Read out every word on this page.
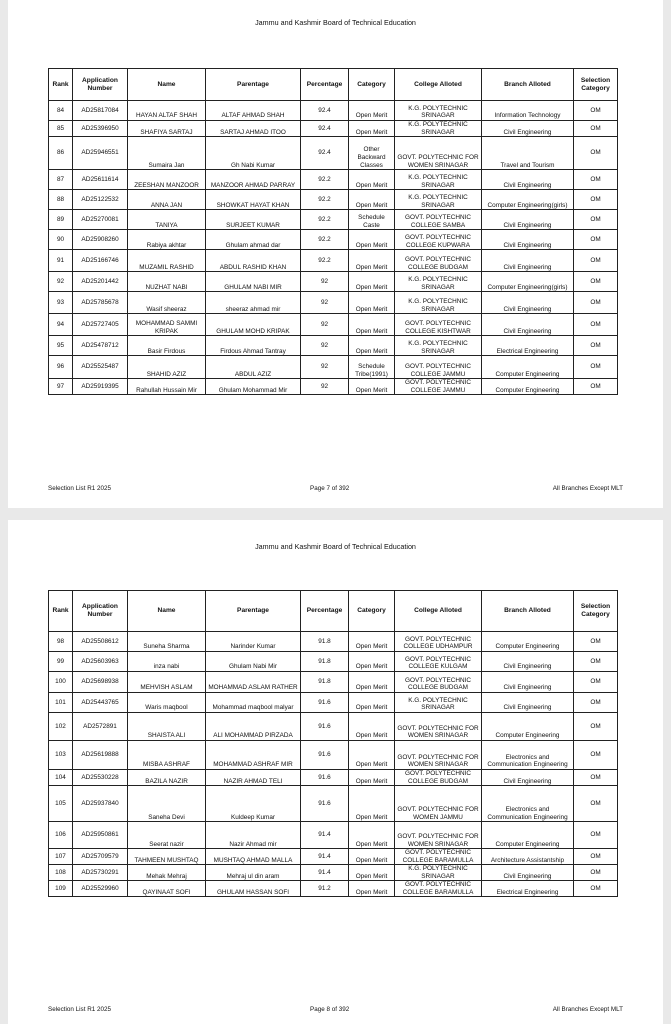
Jammu and Kashmir Board of Technical Education
Rank	Application Number	Name	Parentage	Percentage	Category	College Alloted	Branch Alloted	Selection Category
84	AD25817084	HAYAN ALTAF SHAH	ALTAF AHMAD SHAH	92.4	Open Merit	K.G. POLYTECHNIC SRINAGAR	Information Technology	OM
85	AD25396950	SHAFIYA SARTAJ	SARTAJ AHMAD ITOO	92.4	Open Merit	K.G. POLYTECHNIC SRINAGAR	Civil Engineering	OM
86	AD25946551	Sumaira Jan	Gh Nabi Kumar	92.4	Other Backward Classes	GOVT. POLYTECHNIC FOR WOMEN SRINAGAR	Travel and Tourism	OM
87	AD25611614	ZEESHAN MANZOOR	MANZOOR AHMAD PARRAY	92.2	Open Merit	K.G. POLYTECHNIC SRINAGAR	Civil Engineering	OM
88	AD25122532	ANNA JAN	SHOWKAT HAYAT KHAN	92.2	Open Merit	K.G. POLYTECHNIC SRINAGAR	Computer Engineering(girls)	OM
89	AD25270081	TANIYA	SURJEET KUMAR	92.2	Schedule Caste	GOVT. POLYTECHNIC COLLEGE SAMBA	Civil Engineering	OM
90	AD25908260	Rabiya akhtar	Ghulam ahmad dar	92.2	Open Merit	GOVT. POLYTECHNIC COLLEGE KUPWARA	Civil Engineering	OM
91	AD25166746	MUZAMIL RASHID	ABDUL RASHID KHAN	92.2	Open Merit	GOVT. POLYTECHNIC COLLEGE BUDGAM	Civil Engineering	OM
92	AD25201442	NUZHAT NABI	GHULAM NABI MIR	92	Open Merit	K.G. POLYTECHNIC SRINAGAR	Computer Engineering(girls)	OM
93	AD25785678	Wasif sheeraz	sheeraz ahmad mir	92	Open Merit	K.G. POLYTECHNIC SRINAGAR	Civil Engineering	OM
94	AD25727405	MOHAMMAD SAMMI KRIPAK	GHULAM MOHD KRIPAK	92	Open Merit	GOVT. POLYTECHNIC COLLEGE KISHTWAR	Civil Engineering	OM
95	AD25478712	Basir Firdous	Firdous Ahmad Tantray	92	Open Merit	K.G. POLYTECHNIC SRINAGAR	Electrical Engineering	OM
96	AD25525487	SHAHID AZIZ	ABDUL AZIZ	92	Schedule Tribe(1991)	GOVT. POLYTECHNIC COLLEGE JAMMU	Computer Engineering	OM
97	AD25919395	Rahullah Hussain Mir	Ghulam Mohammad Mir	92	Open Merit	GOVT. POLYTECHNIC COLLEGE JAMMU	Computer Engineering	OM
Selection List R1 2025	Page 7 of 392	All Branches Except MLT
Jammu and Kashmir Board of Technical Education
Rank	Application Number	Name	Parentage	Percentage	Category	College Alloted	Branch Alloted	Selection Category
98	AD25508612	Suneha Sharma	Narinder Kumar	91.8	Open Merit	GOVT. POLYTECHNIC COLLEGE UDHAMPUR	Computer Engineering	OM
99	AD25603963	inza nabi	Ghulam Nabi Mir	91.8	Open Merit	GOVT. POLYTECHNIC COLLEGE KULGAM	Civil Engineering	OM
100	AD25698938	MEHVISH ASLAM	MOHAMMAD ASLAM RATHER	91.8	Open Merit	GOVT. POLYTECHNIC COLLEGE BUDGAM	Civil Engineering	OM
101	AD25443765	Waris maqbool	Mohammad maqbool malyar	91.6	Open Merit	K.G. POLYTECHNIC SRINAGAR	Civil Engineering	OM
102	AD2572891	SHAISTA ALI	ALI MOHAMMAD PIRZADA	91.6	Open Merit	GOVT. POLYTECHNIC FOR WOMEN SRINAGAR	Computer Engineering	OM
103	AD25619888	MISBA ASHRAF	MOHAMMAD ASHRAF MIR	91.6	Open Merit	GOVT. POLYTECHNIC FOR WOMEN SRINAGAR	Electronics and Communication Engineering	OM
104	AD25530228	BAZILA NAZIR	NAZIR AHMAD TELI	91.6	Open Merit	GOVT. POLYTECHNIC COLLEGE BUDGAM	Civil Engineering	OM
105	AD25937840	Saneha Devi	Kuldeep Kumar	91.6	Open Merit	GOVT. POLYTECHNIC FOR WOMEN JAMMU	Electronics and Communication Engineering	OM
106	AD25950861	Seerat nazir	Nazir Ahmad mir	91.4	Open Merit	GOVT. POLYTECHNIC FOR WOMEN SRINAGAR	Computer Engineering	OM
107	AD25709579	TAHMEEN MUSHTAQ	MUSHTAQ AHMAD MALLA	91.4	Open Merit	GOVT. POLYTECHNIC COLLEGE BARAMULLA	Architecture Assistantship	OM
108	AD25730291	Mehak Mehraj	Mehraj ul din aram	91.4	Open Merit	K.G. POLYTECHNIC SRINAGAR	Civil Engineering	OM
109	AD25529960	QAYINAAT SOFI	GHULAM HASSAN SOFI	91.2	Open Merit	GOVT. POLYTECHNIC COLLEGE BARAMULLA	Electrical Engineering	OM
Selection List R1 2025	Page 8 of 392	All Branches Except MLT
